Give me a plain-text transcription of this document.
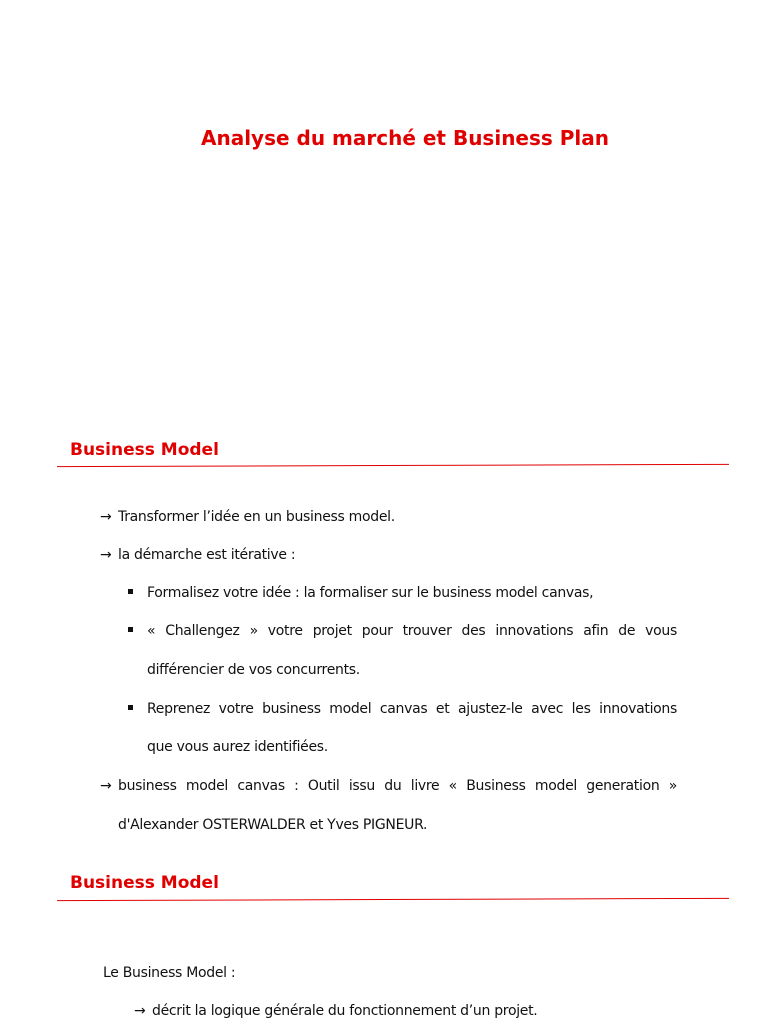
Analyse du marché et Business Plan
Business Model

→ Transformer l’idée en un business model.

→ la démarche est itérative :

Formalisez votre idée : la formaliser sur le business model canvas,

« Challengez » votre projet pour trouver des innovations afin de vous

différencier de vos concurrents.

Reprenez votre business model canvas et ajustez-le avec les innovations

que vous aurez identifiées.

→ business model canvas : Outil issu du livre « Business model generation »

d'Alexander OSTERWALDER et Yves PIGNEUR.

Business Model

Le Business Model :

→ décrit la logique générale du fonctionnement d’un projet.
